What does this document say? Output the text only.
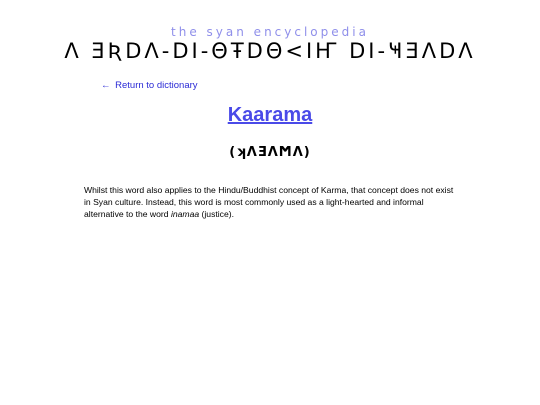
the syan encyclopedia
Λ ƎƦDΛ-DI-ΘŦDΘ<IҤ DI-ҸƎΛDΛ
← Return to dictionary
Kaarama
(ʞΛƎΛϺΛ)

Whilst this word also applies to the Hindu/Buddhist concept of Karma, that concept does not exist in Syan culture. Instead, this word is most commonly used as a light-hearted and informal alternative to the word inamaa (justice).
